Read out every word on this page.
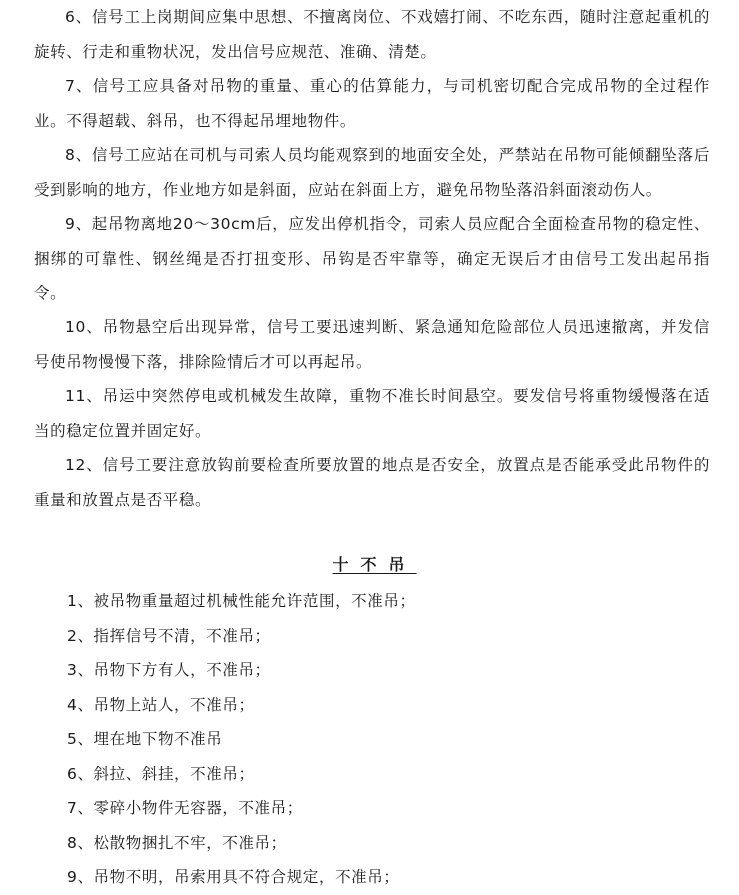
6、信号工上岗期间应集中思想、不擅离岗位、不戏嬉打闹、不吃东西，随时注意起重机的旋转、行走和重物状况，发出信号应规范、准确、清楚。

7、信号工应具备对吊物的重量、重心的估算能力，与司机密切配合完成吊物的全过程作业。不得超载、斜吊，也不得起吊埋地物件。

8、信号工应站在司机与司索人员均能观察到的地面安全处，严禁站在吊物可能倾翻坠落后受到影响的地方，作业地方如是斜面，应站在斜面上方，避免吊物坠落沿斜面滚动伤人。

9、起吊物离地20～30cm后，应发出停机指令，司索人员应配合全面检查吊物的稳定性、捆绑的可靠性、钢丝绳是否打扭变形、吊钩是否牢靠等，确定无误后才由信号工发出起吊指令。

10、吊物悬空后出现异常，信号工要迅速判断、紧急通知危险部位人员迅速撤离，并发信号使吊物慢慢下落，排除险情后才可以再起吊。

11、吊运中突然停电或机械发生故障，重物不准长时间悬空。要发信号将重物缓慢落在适当的稳定位置并固定好。

12、信号工要注意放钩前要检查所要放置的地点是否安全，放置点是否能承受此吊物件的重量和放置点是否平稳。

十不吊
1、被吊物重量超过机械性能允许范围，不准吊；
2、指挥信号不清，不准吊；
3、吊物下方有人，不准吊；
4、吊物上站人，不准吊；
5、埋在地下物不准吊
6、斜拉、斜挂，不准吊；
7、零碎小物件无容器，不准吊；
8、松散物捆扎不牢，不准吊；
9、吊物不明，吊索用具不符合规定，不准吊；
